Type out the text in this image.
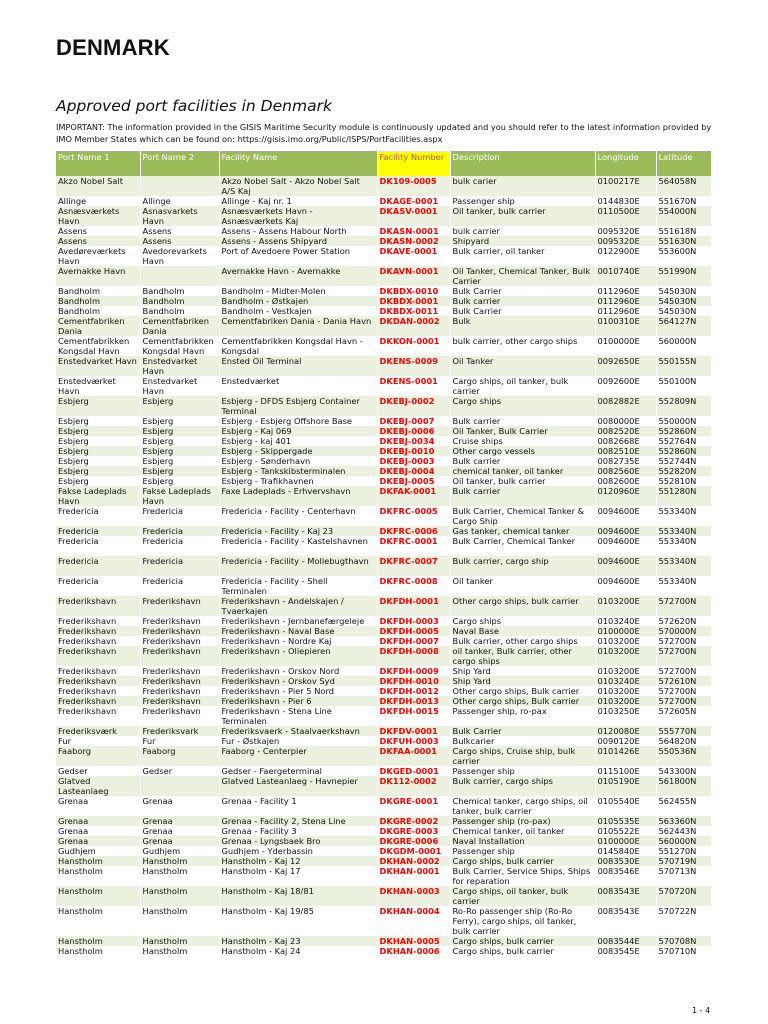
DENMARK
Approved port facilities in Denmark
IMPORTANT: The information provided in the GISIS Maritime Security module is continuously updated and you should refer to the latest information provided by IMO Member States which can be found on: https://gisis.imo.org/Public/ISPS/PortFacilities.aspx
Port Name 1	Port Name 2	Facility Name	Facility Number	Description	Longitude	Latitude
Akzo Nobel Salt		Akzo Nobel Salt - Akzo Nobel Salt A/S Kaj	DK109-0005	bulk carier	0100217E	564058N
Allinge	Allinge	Allinge - Kaj nr. 1	DKAGE-0001	Passenger ship	0144830E	551670N
Asnæsværkets Havn	Asnasvarkets Havn	Asnæsværkets Havn - Asnæsværkets Kaj	DKASV-0001	Oil tanker, bulk carrier	0110500E	554000N
Assens	Assens	Assens - Assens Habour North	DKASN-0001	bulk carrier	0095320E	551618N
Assens	Assens	Assens - Assens Shipyard	DKASN-0002	Shipyard	0095320E	551630N
Avedøreværkets Havn	Avedorevarkets Havn	Port of Avedoere Power Station	DKAVE-0001	Bulk carrier, oil tanker	0122900E	553600N
Avernakke Havn		Avernakke Havn - Avernakke	DKAVN-0001	Oil Tanker, Chemical Tanker, Bulk Carrier	0010740E	551990N
Bandholm	Bandholm	Bandholm - Midter-Molen	DKBDX-0010	Bulk Carrier	0112960E	545030N
Bandholm	Bandholm	Bandholm - Østkajen	DKBDX-0001	Bulk carrier	0112960E	545030N
Bandholm	Bandholm	Bandholm - Vestkajen	DKBDX-0011	Bulk Carrier	0112960E	545030N
Cementfabriken Dania	Cementfabriken Dania	Cementfabriken Dania - Dania Havn	DKDAN-0002	Bulk	0100310E	564127N
Cementfabrikken Kongsdal Havn	Cementfabrikken Kongsdal Havn	Cementfabrikken Kongsdal Havn - Kongsdal	DKKON-0001	bulk carrier, other cargo ships	0100000E	560000N
Enstedvarket Havn	Enstedvarket Havn	Ensted Oil Terminal	DKENS-0009	Oil Tanker	0092650E	550155N
Enstedværket Havn	Enstedvarket Havn	Enstedværket	DKENS-0001	Cargo ships, oil tanker, bulk carrier	0092600E	550100N
Esbjerg	Esbjerg	Esbjerg - DFDS Esbjerg Container Terminal	DKEBJ-0002	Cargo ships	0082882E	552809N
Esbjerg	Esbjerg	Esbjerg - Esbjerg Offshore Base	DKEBJ-0007	Bulk carrier	0080000E	550000N
Esbjerg	Esbjerg	Esbjerg - Kaj 069	DKEBJ-0006	Oil Tanker, Bulk Carrier	0082520E	552860N
Esbjerg	Esbjerg	Esbjerg - kaj 401	DKEBJ-0034	Cruise ships	0082668E	552764N
Esbjerg	Esbjerg	Esbjerg - Skippergade	DKEBJ-0010	Other cargo vessels	0082510E	552860N
Esbjerg	Esbjerg	Esbjerg - Sønderhavn	DKEBJ-0003	Bulk carrier	0082735E	552744N
Esbjerg	Esbjerg	Esbjerg - Tankskibsterminalen	DKEBJ-0004	chemical tanker, oil tanker	0082560E	552820N
Esbjerg	Esbjerg	Esbjerg - Trafikhavnen	DKEBJ-0005	Oil tanker, bulk carrier	0082600E	552810N
Fakse Ladeplads Havn	Fakse Ladeplads Havn	Faxe Ladeplads - Erhvervshavn	DKFAK-0001	Bulk carrier	0120960E	551280N
Fredericia	Fredericia	Fredericia - Facility - Centerhavn	DKFRC-0005	Bulk Carrier, Chemical Tanker & Cargo Ship	0094600E	553340N
Fredericia	Fredericia	Fredericia - Facility - Kaj 23	DKFRC-0006	Gas tanker, chemical tanker	0094600E	553340N
Fredericia	Fredericia	Fredericia - Facility - Kastelshavnen	DKFRC-0001	Bulk Carrier, Chemical Tanker	0094600E	553340N
Fredericia	Fredericia	Fredericia - Facility - Mollebugthavn	DKFRC-0007	Bulk carrier, cargo ship	0094600E	553340N
Fredericia	Fredericia	Fredericia - Facility - Shell Terminalen	DKFRC-0008	Oil tanker	0094600E	553340N
Frederikshavn	Frederikshavn	Frederikshavn - Andelskajen / Tvaerkajen	DKFDH-0001	Other cargo ships, bulk carrier	0103200E	572700N
Frederikshavn	Frederikshavn	Frederikshavn - Jernbanefærgeleje	DKFDH-0003	Cargo ships	0103240E	572620N
Frederikshavn	Frederikshavn	Frederikshavn - Naval Base	DKFDH-0005	Naval Base	0100000E	570000N
Frederikshavn	Frederikshavn	Frederikshavn - Nordre Kaj	DKFDH-0007	Bulk carrier, other cargo ships	0103200E	572700N
Frederikshavn	Frederikshavn	Frederikshavn - Oliepieren	DKFDH-0008	oil tanker, Bulk carrier, other cargo ships	0103200E	572700N
Frederikshavn	Frederikshavn	Frederikshavn - Orskov Nord	DKFDH-0009	Ship Yard	0103200E	572700N
Frederikshavn	Frederikshavn	Frederikshavn - Orskov Syd	DKFDH-0010	Ship Yard	0103240E	572610N
Frederikshavn	Frederikshavn	Frederikshavn - Pier 5 Nord	DKFDH-0012	Other cargo ships, Bulk carrier	0103200E	572700N
Frederikshavn	Frederikshavn	Frederikshavn - Pier 6	DKFDH-0013	Other cargo ships, Bulk carrier	0103200E	572700N
Frederikshavn	Frederikshavn	Frederikshavn - Stena Line Terminalen	DKFDH-0015	Passenger ship, ro-pax	0103250E	572605N
Frederiksværk	Frederiksvark	Frederiksvaerk - Staalvaerkshavn	DKFDV-0001	Bulk Carrier	0120080E	555770N
Fur	Fur	Fur - Østkajen	DKFUH-0003	Bulkcarier	0090120E	564820N
Faaborg	Faaborg	Faaborg - Centerpier	DKFAA-0001	Cargo ships, Cruise ship, bulk carrier	0101426E	550536N
Gedser	Gedser	Gedser - Faergeterminal	DKGED-0001	Passenger ship	0115100E	543300N
Glatved Lasteanlaeg		Glatved Lasteanlaeg - Havnepier	DK112-0002	Bulk carrier, cargo ships	0105190E	561800N
Grenaa	Grenaa	Grenaa - Facility 1	DKGRE-0001	Chemical tanker, cargo ships, oil tanker, bulk carrier	0105540E	562455N
Grenaa	Grenaa	Grenaa - Facility 2, Stena Line	DKGRE-0002	Passenger ship (ro-pax)	0105535E	563360N
Grenaa	Grenaa	Grenaa - Facility 3	DKGRE-0003	Chemical tanker, oil tanker	0105522E	562443N
Grenaa	Grenaa	Grenaa - Lyngsbaek Bro	DKGRE-0006	Naval Installation	0100000E	560000N
Gudhjem	Gudhjem	Gudhjem - Yderbassin	DKGDM-0001	Passenger ship	0145840E	551270N
Hanstholm	Hanstholm	Hanstholm - Kaj 12	DKHAN-0002	Cargo ships, bulk carrier	0083530E	570719N
Hanstholm	Hanstholm	Hanstholm - Kaj 17	DKHAN-0001	Bulk Carrier, Service Ships, Ships for reparation	0083546E	570713N
Hanstholm	Hanstholm	Hanstholm - Kaj 18/81	DKHAN-0003	Cargo ships, oil tanker, bulk carrier	0083543E	570720N
Hanstholm	Hanstholm	Hanstholm - Kaj 19/85	DKHAN-0004	Ro-Ro passenger ship (Ro-Ro Ferry), cargo ships, oil tanker, bulk carrier	0083543E	570722N
Hanstholm	Hanstholm	Hanstholm - Kaj 23	DKHAN-0005	Cargo ships, bulk carrier	0083544E	570708N
Hanstholm	Hanstholm	Hanstholm - Kaj 24	DKHAN-0006	Cargo ships, bulk carrier	0083545E	570710N
1 - 4
